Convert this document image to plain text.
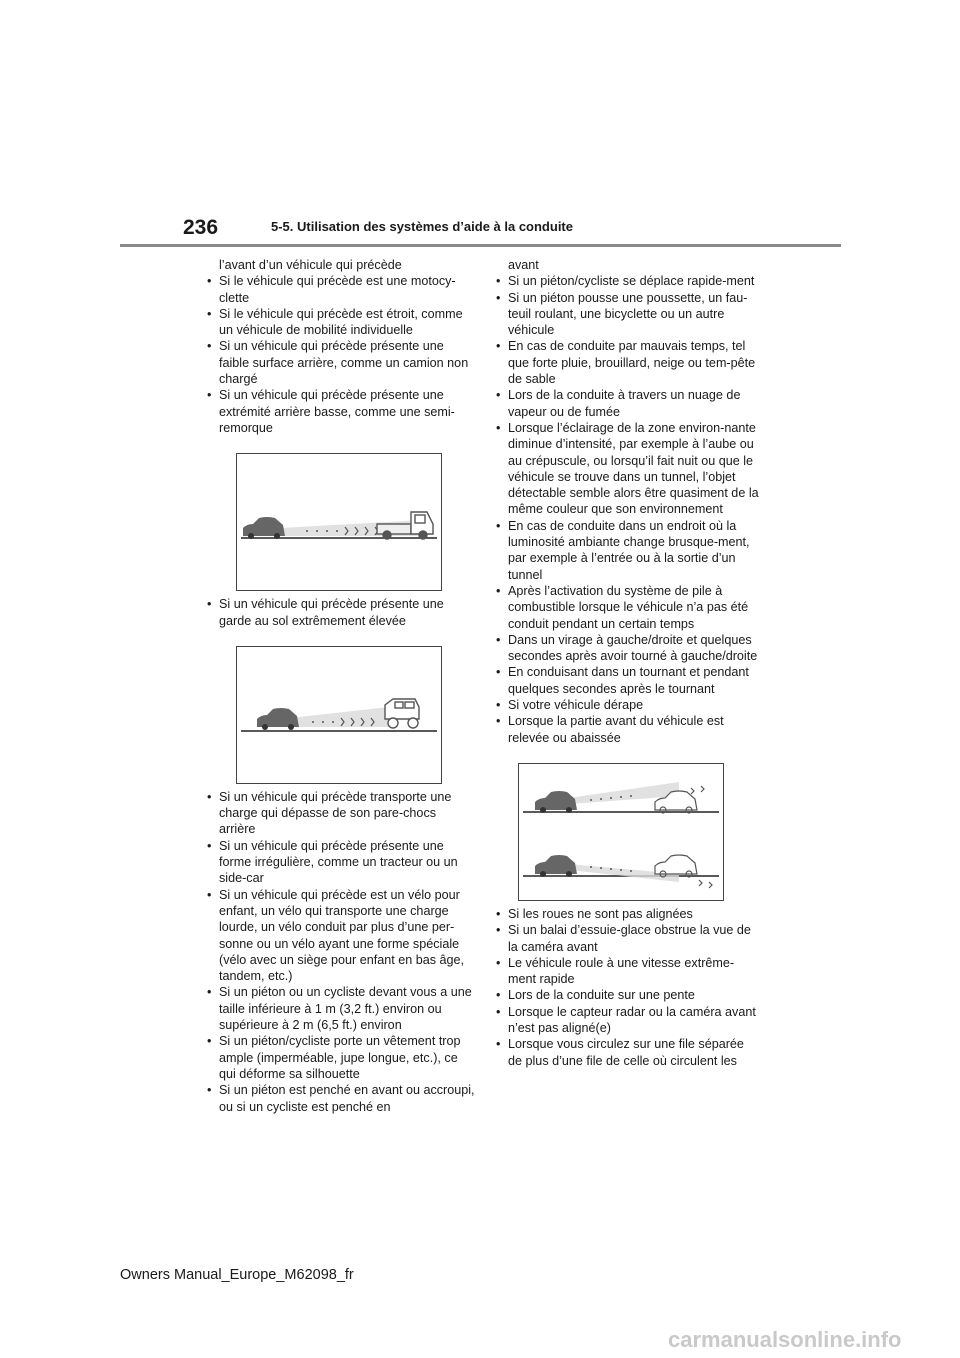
236	5-5. Utilisation des systèmes d’aide à la conduite

l’avant d’un véhicule qui précède

• Si le véhicule qui précède est une motocy-clette

• Si le véhicule qui précède est étroit, comme un véhicule de mobilité individuelle

• Si un véhicule qui précède présente une faible surface arrière, comme un camion non chargé

• Si un véhicule qui précède présente une extrémité arrière basse, comme une semi-remorque

• Si un véhicule qui précède présente une garde au sol extrêmement élevée

• Si un véhicule qui précède transporte une charge qui dépasse de son pare-chocs arrière

• Si un véhicule qui précède présente une forme irrégulière, comme un tracteur ou un side-car

• Si un véhicule qui précède est un vélo pour enfant, un vélo qui transporte une charge lourde, un vélo conduit par plus d’une per-sonne ou un vélo ayant une forme spéciale (vélo avec un siège pour enfant en bas âge, tandem, etc.)

• Si un piéton ou un cycliste devant vous a une taille inférieure à 1 m (3,2 ft.) environ ou supérieure à 2 m (6,5 ft.) environ

• Si un piéton/cycliste porte un vêtement trop ample (imperméable, jupe longue, etc.), ce qui déforme sa silhouette

• Si un piéton est penché en avant ou accroupi, ou si un cycliste est penché en

avant

• Si un piéton/cycliste se déplace rapide-ment

• Si un piéton pousse une poussette, un fau-teuil roulant, une bicyclette ou un autre véhicule

• En cas de conduite par mauvais temps, tel que forte pluie, brouillard, neige ou tem-pête de sable

• Lors de la conduite à travers un nuage de vapeur ou de fumée

• Lorsque l’éclairage de la zone environ-nante diminue d’intensité, par exemple à l’aube ou au crépuscule, ou lorsqu’il fait nuit ou que le véhicule se trouve dans un tunnel, l’objet détectable semble alors être quasiment de la même couleur que son environnement

• En cas de conduite dans un endroit où la luminosité ambiante change brusque-ment, par exemple à l’entrée ou à la sortie d’un tunnel

• Après l’activation du système de pile à combustible lorsque le véhicule n’a pas été conduit pendant un certain temps

• Dans un virage à gauche/droite et quelques secondes après avoir tourné à gauche/droite

• En conduisant dans un tournant et pendant quelques secondes après le tournant

• Si votre véhicule dérape

• Lorsque la partie avant du véhicule est relevée ou abaissée

• Si les roues ne sont pas alignées

• Si un balai d’essuie-glace obstrue la vue de la caméra avant

• Le véhicule roule à une vitesse extrême-ment rapide

• Lors de la conduite sur une pente

• Lorsque le capteur radar ou la caméra avant n’est pas aligné(e)

• Lorsque vous circulez sur une file séparée de plus d’une file de celle où circulent les

Owners Manual_Europe_M62098_fr
carmanualsonline.info
